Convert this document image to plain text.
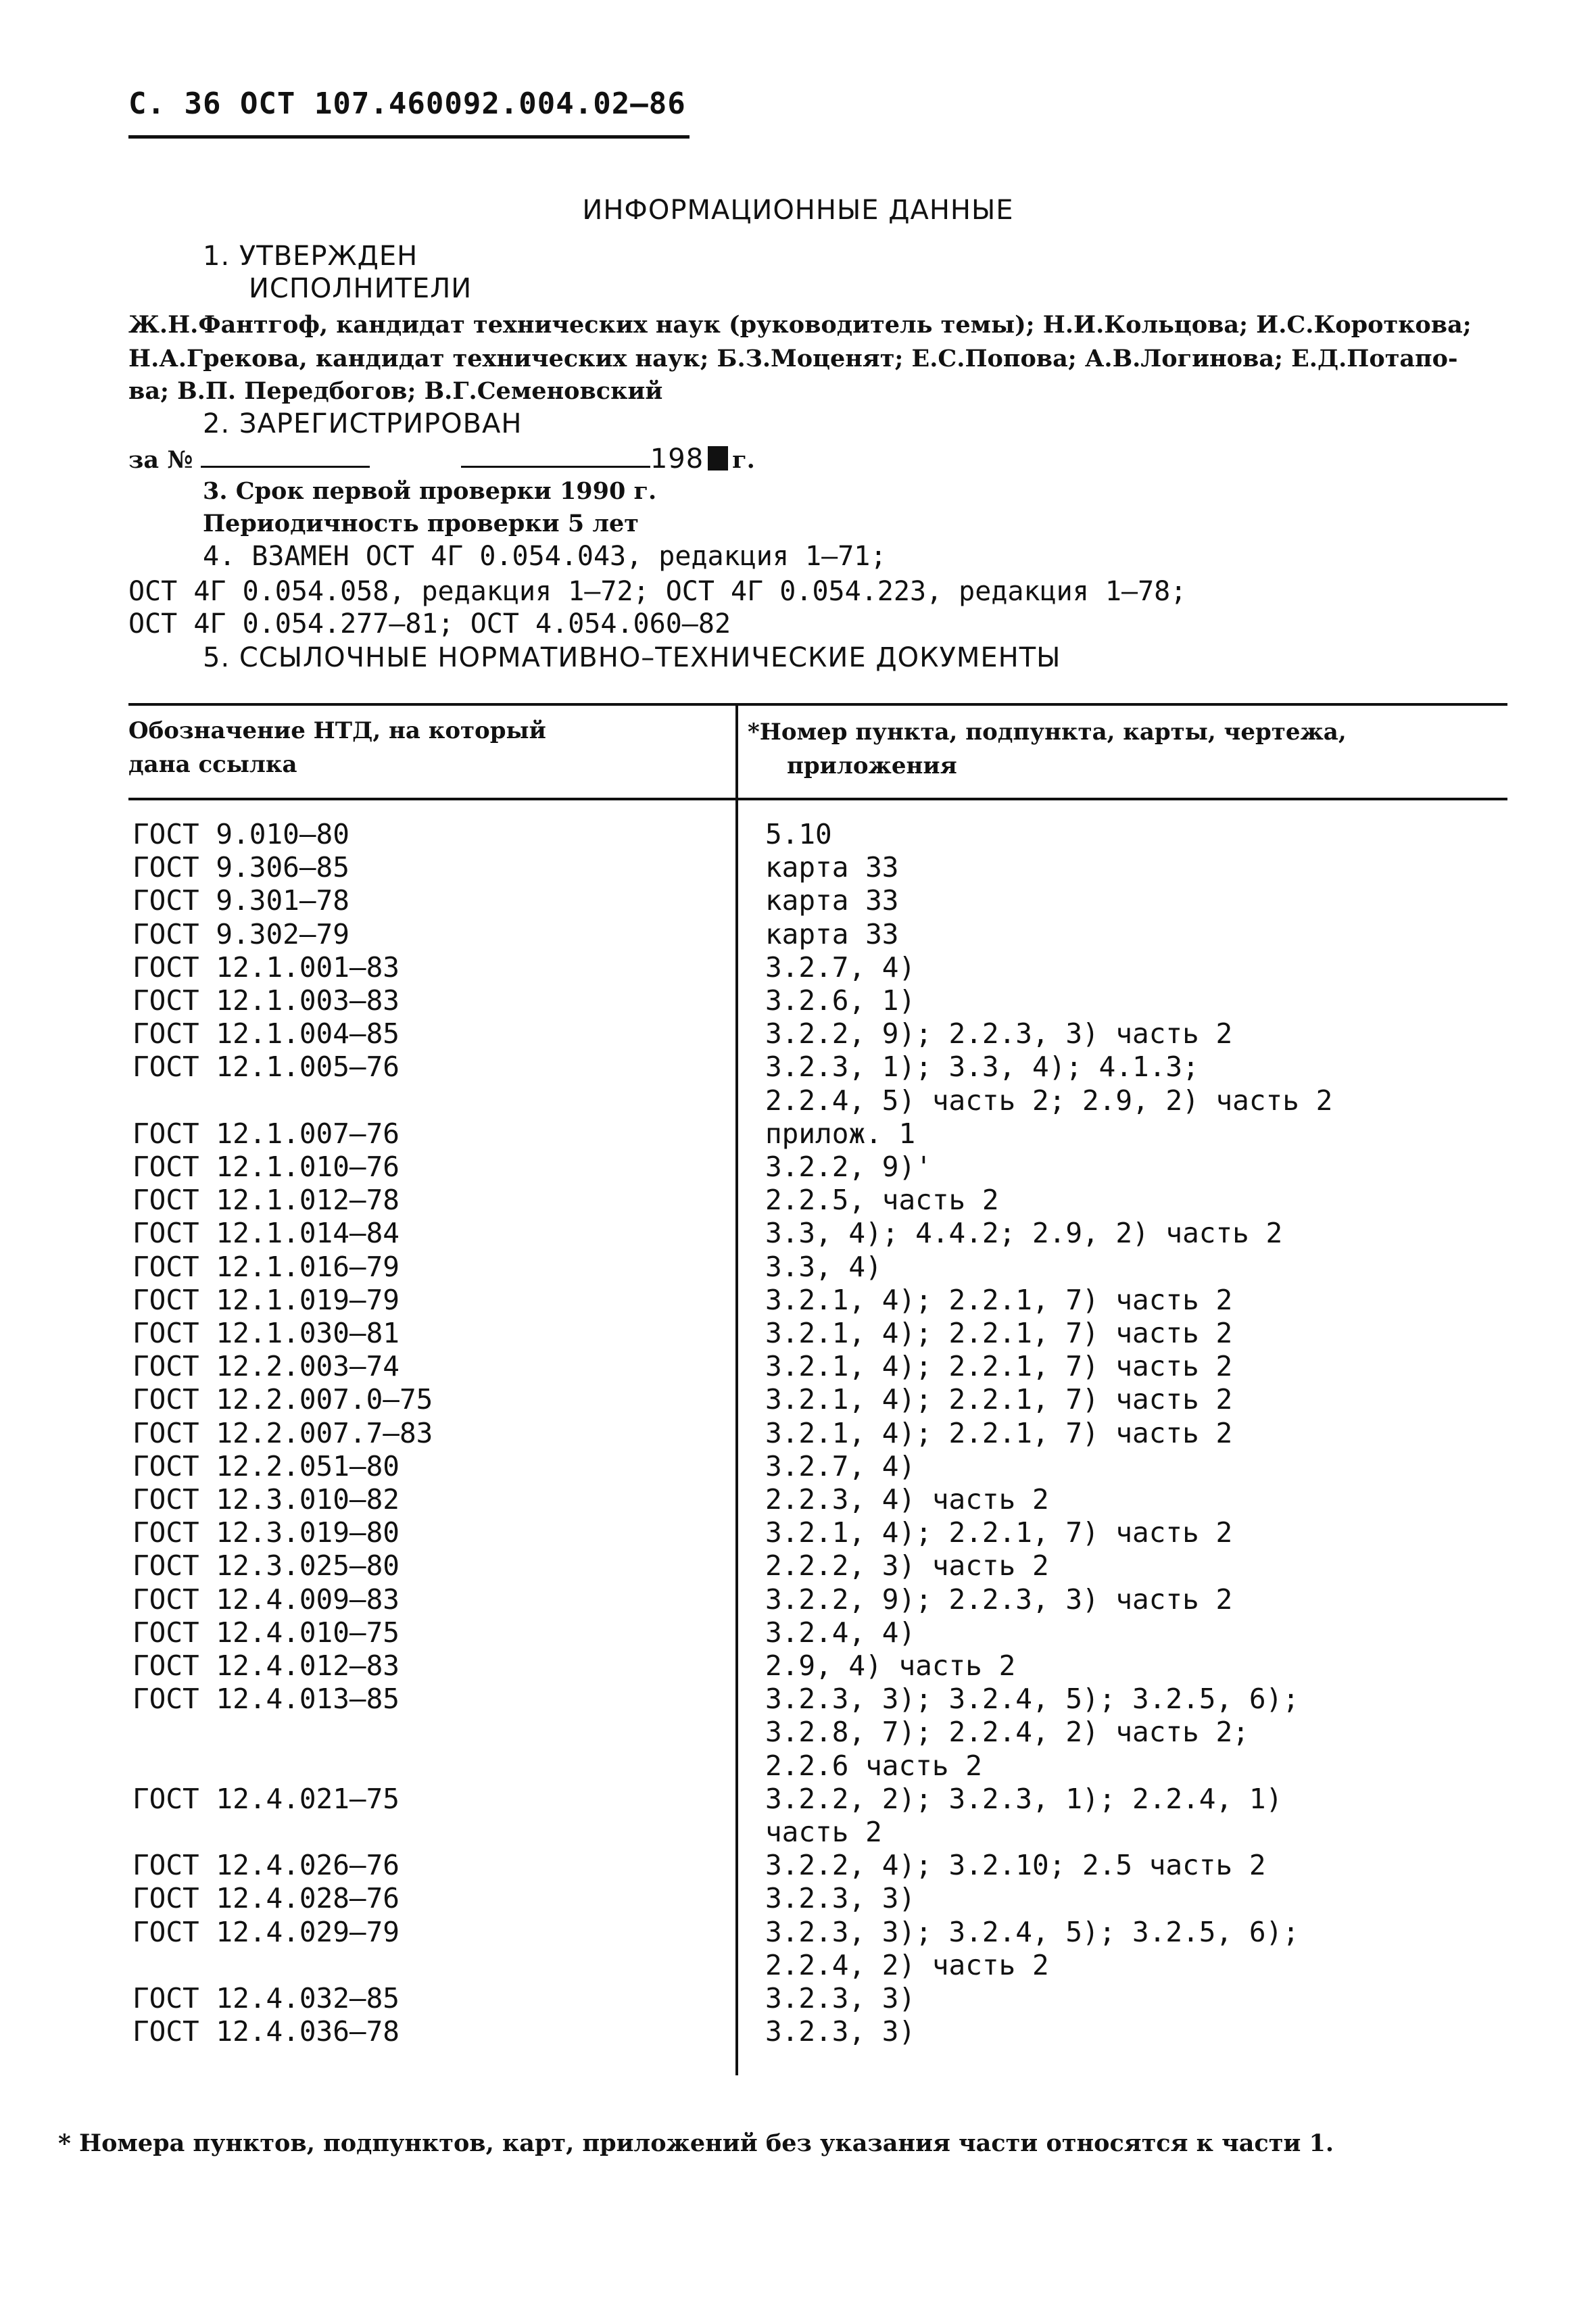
С. 36 ОСТ 107.460092.004.02–86
ИНФОРМАЦИОННЫЕ ДАННЫЕ
1. УТВЕРЖДЕН
ИСПОЛНИТЕЛИ
Ж.Н.Фантгоф, кандидат технических наук (руководитель темы); Н.И.Кольцова; И.С.Короткова;
Н.А.Грекова, кандидат технических наук; Б.З.Моценят; Е.С.Попова; А.В.Логинова; Е.Д.Потапо-
ва; В.П. Передбогов; В.Г.Семеновский
2. ЗАРЕГИСТРИРОВАН
за №	198 г.
3. Срок первой проверки 1990 г.
Периодичность проверки 5 лет
4. ВЗАМЕН ОСТ 4Г 0.054.043, редакция 1–71;
ОСТ 4Г 0.054.058, редакция 1–72; ОСТ 4Г 0.054.223, редакция 1–78;
ОСТ 4Г 0.054.277–81; ОСТ 4.054.060–82
5. ССЫЛОЧНЫЕ НОРМАТИВНО–ТЕХНИЧЕСКИЕ ДОКУМЕНТЫ
Обозначение НТД, на который
дана ссылка
*Номер пункта, подпункта, карты, чертежа,
приложения
ГОСТ 9.010–80	5.10
ГОСТ 9.306–85	карта 33
ГОСТ 9.301–78	карта 33
ГОСТ 9.302–79	карта 33
ГОСТ 12.1.001–83	3.2.7, 4)
ГОСТ 12.1.003–83	3.2.6, 1)
ГОСТ 12.1.004–85	3.2.2, 9); 2.2.3, 3) часть 2
ГОСТ 12.1.005–76	3.2.3, 1); 3.3, 4); 4.1.3;
2.2.4, 5) часть 2; 2.9, 2) часть 2
ГОСТ 12.1.007–76	прилож. 1
ГОСТ 12.1.010–76	3.2.2, 9)'
ГОСТ 12.1.012–78	2.2.5, часть 2
ГОСТ 12.1.014–84	3.3, 4); 4.4.2; 2.9, 2) часть 2
ГОСТ 12.1.016–79	3.3, 4)
ГОСТ 12.1.019–79	3.2.1, 4); 2.2.1, 7) часть 2
ГОСТ 12.1.030–81	3.2.1, 4); 2.2.1, 7) часть 2
ГОСТ 12.2.003–74	3.2.1, 4); 2.2.1, 7) часть 2
ГОСТ 12.2.007.0–75	3.2.1, 4); 2.2.1, 7) часть 2
ГОСТ 12.2.007.7–83	3.2.1, 4); 2.2.1, 7) часть 2
ГОСТ 12.2.051–80	3.2.7, 4)
ГОСТ 12.3.010–82	2.2.3, 4) часть 2
ГОСТ 12.3.019–80	3.2.1, 4); 2.2.1, 7) часть 2
ГОСТ 12.3.025–80	2.2.2, 3) часть 2
ГОСТ 12.4.009–83	3.2.2, 9); 2.2.3, 3) часть 2
ГОСТ 12.4.010–75	3.2.4, 4)
ГОСТ 12.4.012–83	2.9, 4) часть 2
ГОСТ 12.4.013–85	3.2.3, 3); 3.2.4, 5); 3.2.5, 6);
3.2.8, 7); 2.2.4, 2) часть 2;
2.2.6 часть 2
ГОСТ 12.4.021–75	3.2.2, 2); 3.2.3, 1); 2.2.4, 1)
часть 2
ГОСТ 12.4.026–76	3.2.2, 4); 3.2.10; 2.5 часть 2
ГОСТ 12.4.028–76	3.2.3, 3)
ГОСТ 12.4.029–79	3.2.3, 3); 3.2.4, 5); 3.2.5, 6);
2.2.4, 2) часть 2
ГОСТ 12.4.032–85	3.2.3, 3)
ГОСТ 12.4.036–78	3.2.3, 3)
* Номера пунктов, подпунктов, карт, приложений без указания части относятся к части 1.
